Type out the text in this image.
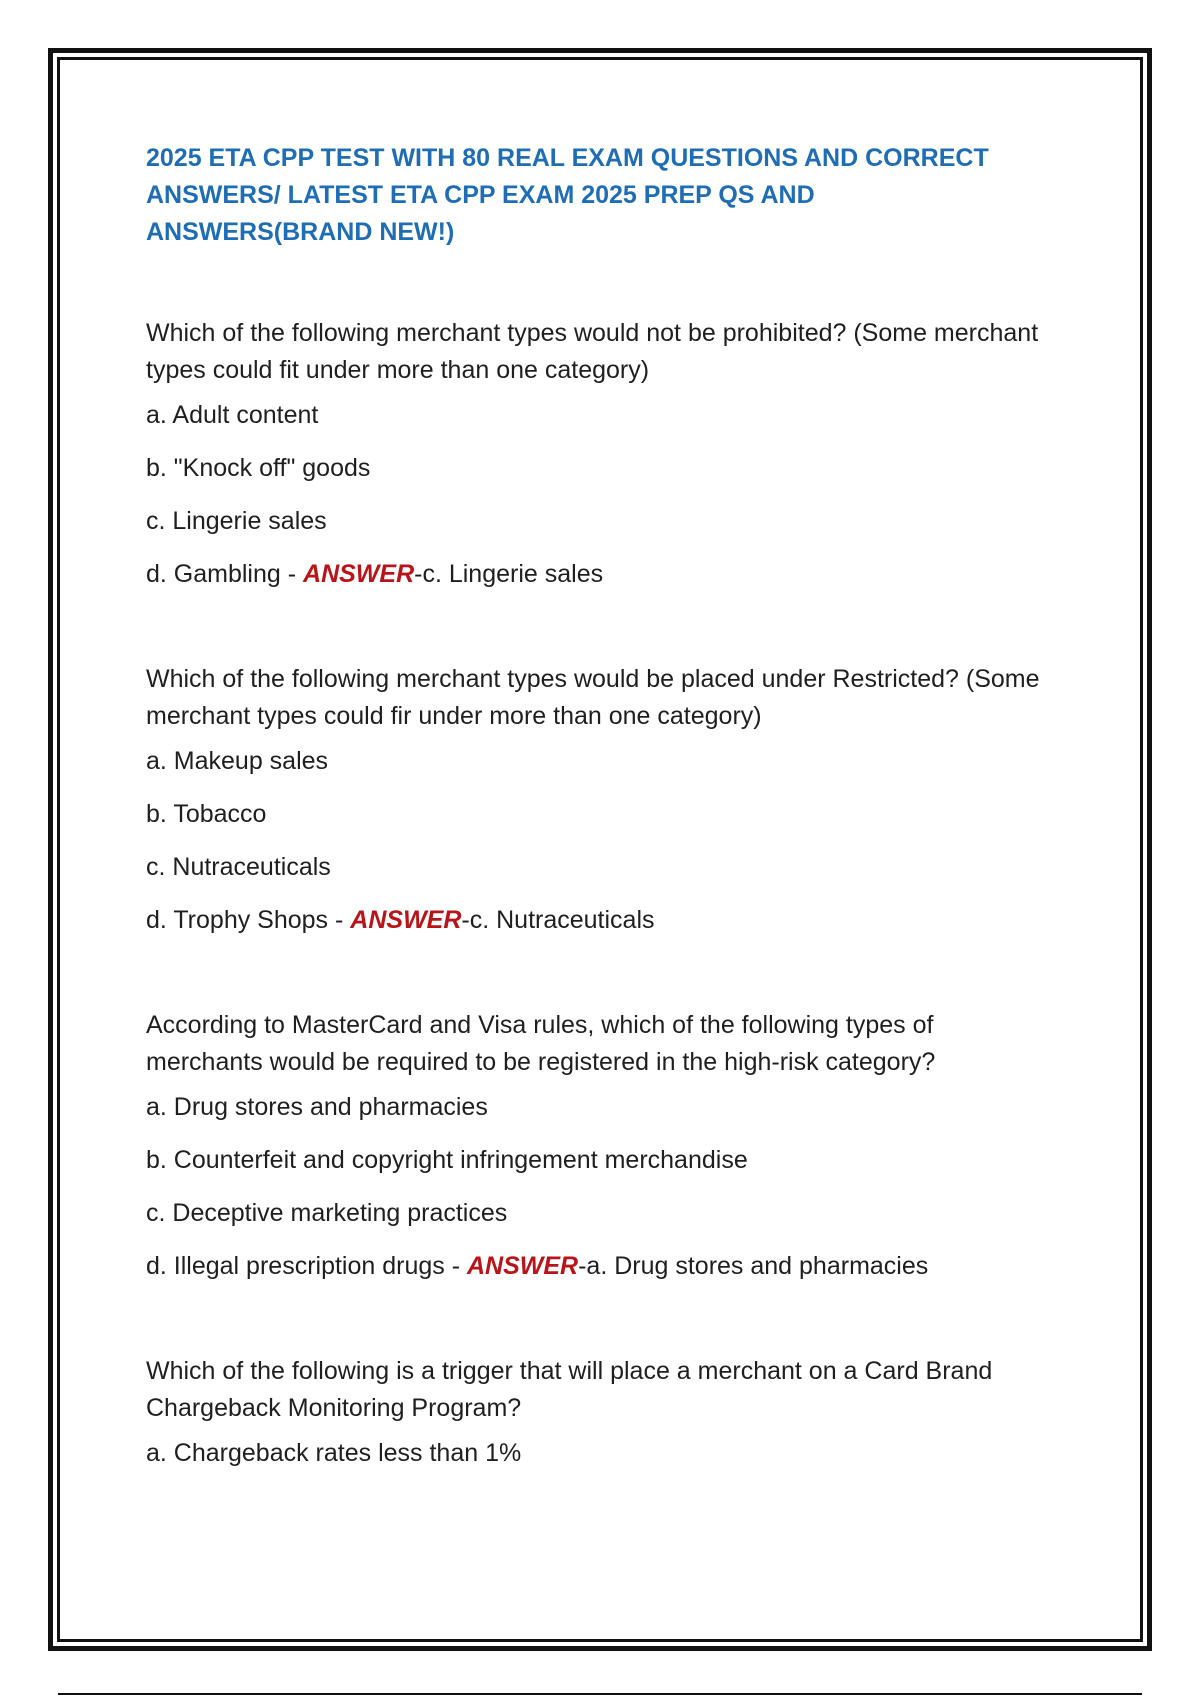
2025 ETA CPP TEST WITH 80 REAL EXAM QUESTIONS AND CORRECT ANSWERS/ LATEST ETA CPP EXAM 2025 PREP QS AND ANSWERS(BRAND NEW!)

Which of the following merchant types would not be prohibited? (Some merchant types could fit under more than one category)

a. Adult content

b. "Knock off" goods

c. Lingerie sales

d. Gambling - ANSWER-c. Lingerie sales

Which of the following merchant types would be placed under Restricted? (Some merchant types could fir under more than one category)

a. Makeup sales

b. Tobacco

c. Nutraceuticals

d. Trophy Shops - ANSWER-c. Nutraceuticals

According to MasterCard and Visa rules, which of the following types of merchants would be required to be registered in the high-risk category?

a. Drug stores and pharmacies

b. Counterfeit and copyright infringement merchandise

c. Deceptive marketing practices

d. Illegal prescription drugs - ANSWER-a. Drug stores and pharmacies

Which of the following is a trigger that will place a merchant on a Card Brand Chargeback Monitoring Program?

a. Chargeback rates less than 1%
